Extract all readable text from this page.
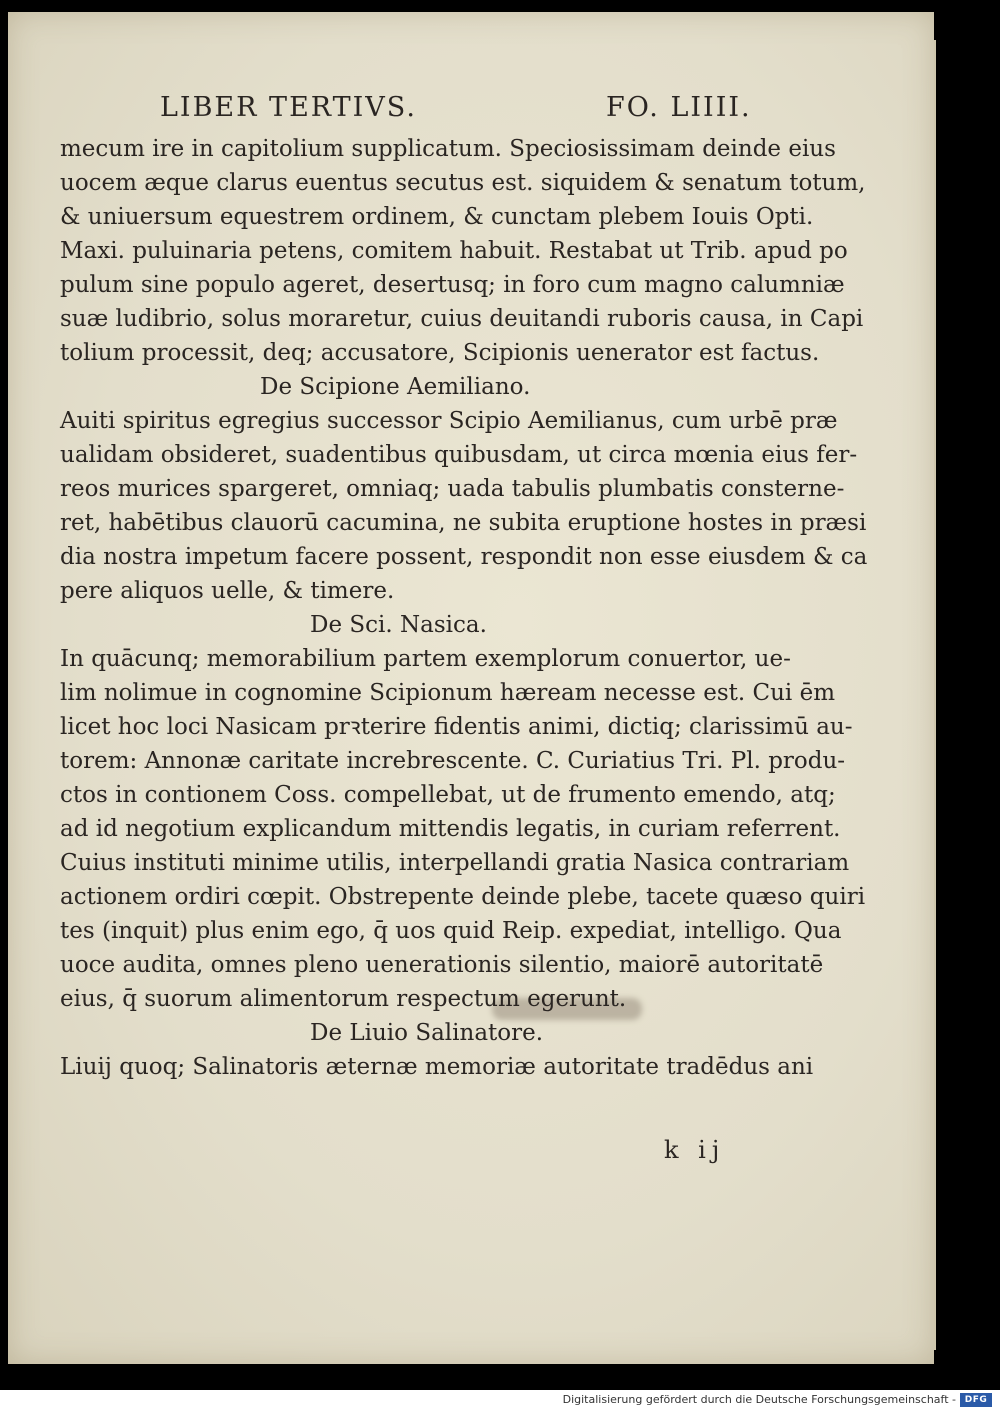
LIBER TERTIVS.	FO. LIIII.
mecum ire in capitolium supplicatum. Speciosissimam deinde eius
uocem æque clarus euentus secutus est. siquidem & senatum totum,
& uniuersum equestrem ordinem, & cunctam plebem Iouis Opti.
Maxi. puluinaria petens, comitem habuit. Restabat ut Trib. apud po
pulum sine populo ageret, desertusq; in foro cum magno calumniæ
suæ ludibrio, solus moraretur, cuius deuitandi ruboris causa, in Capi
tolium processit, deq; accusatore, Scipionis uenerator est factus.
De Scipione Aemiliano.
Auiti spiritus egregius successor Scipio Aemilianus, cum urbē præ
ualidam obsideret, suadentibus quibusdam, ut circa mœnia eius fer-
reos murices spargeret, omniaq; uada tabulis plumbatis consterne-
ret, habētibus clauorū cacumina, ne subita eruptione hostes in præsi
dia nostra impetum facere possent, respondit non esse eiusdem & ca
pere aliquos uelle, & timere.
De Sci. Nasica.
In quācunq; memorabilium partem exemplorum conuertor, ue-
lim nolimue in cognomine Scipionum hæream necesse est. Cui ēm
licet hoc loci Nasicam prꝛterire fidentis animi, dictiq; clarissimū au-
torem: Annonæ caritate increbrescente. C. Curiatius Tri. Pl. produ-
ctos in contionem Coss. compellebat, ut de frumento emendo, atq;
ad id negotium explicandum mittendis legatis, in curiam referrent.
Cuius instituti minime utilis, interpellandi gratia Nasica contrariam
actionem ordiri cœpit. Obstrepente deinde plebe, tacete quæso quiri
tes (inquit) plus enim ego, q̄ uos quid Reip. expediat, intelligo. Qua
uoce audita, omnes pleno uenerationis silentio, maiorē autoritatē
eius, q̄ suorum alimentorum respectum egerunt.
De Liuio Salinatore.
Liuij quoq; Salinatoris æternæ memoriæ autoritate tradēdus ani
k ij
Digitalisierung gefördert durch die Deutsche Forschungsgemeinschaft - DFG
